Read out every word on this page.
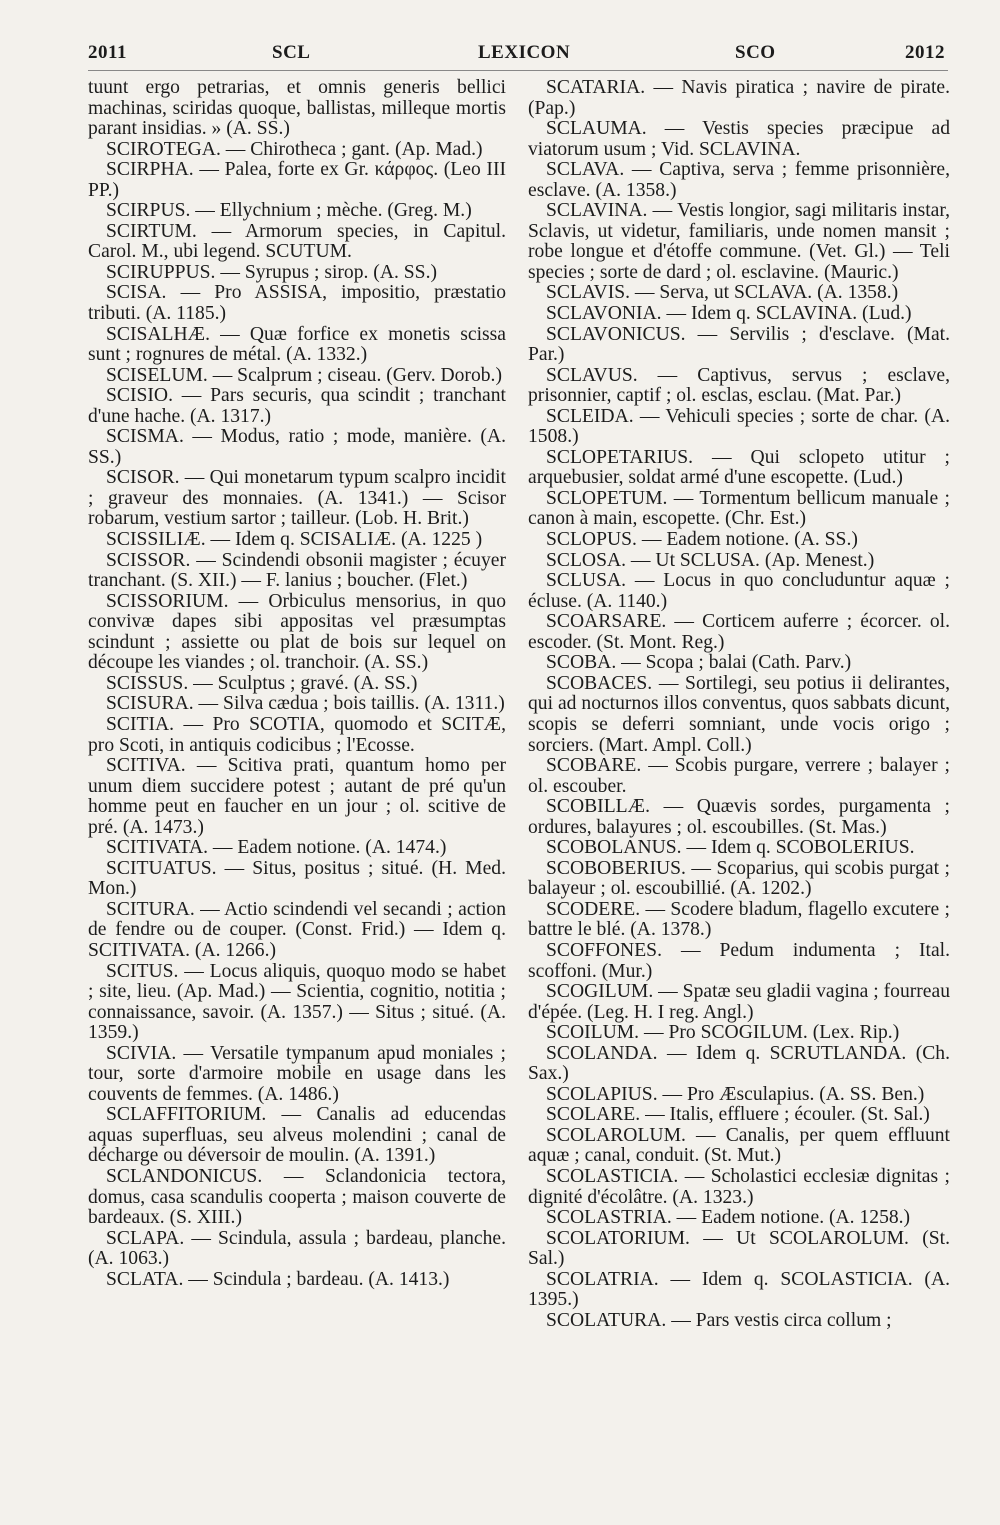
2011	SCL	LEXICON	SCO	2012

tuunt ergo petrarias, et omnis generis bellici machinas, sciridas quoque, ballistas, milleque mortis parant insidias. » (A. SS.)

SCIROTEGA. — Chirotheca ; gant. (Ap. Mad.)

SCIRPHA. — Palea, forte ex Gr. κάρφος. (Leo III PP.)

SCIRPUS. — Ellychnium ; mèche. (Greg. M.)

SCIRTUM. — Armorum species, in Capitul. Carol. M., ubi legend. SCUTUM.

SCIRUPPUS. — Syrupus ; sirop. (A. SS.)

SCISA. — Pro ASSISA, impositio, præstatio tributi. (A. 1185.)

SCISALHÆ. — Quæ forfice ex monetis scissa sunt ; rognures de métal. (A. 1332.)

SCISELUM. — Scalprum ; ciseau. (Gerv. Dorob.)

SCISIO. — Pars securis, qua scindit ; tranchant d'une hache. (A. 1317.)

SCISMA. — Modus, ratio ; mode, manière. (A. SS.)

SCISOR. — Qui monetarum typum scalpro incidit ; graveur des monnaies. (A. 1341.) — Scisor robarum, vestium sartor ; tailleur. (Lob. H. Brit.)

SCISSILIÆ. — Idem q. SCISALIÆ. (A. 1225 )

SCISSOR. — Scindendi obsonii magister ; écuyer tranchant. (S. XII.) — F. lanius ; boucher. (Flet.)

SCISSORIUM. — Orbiculus mensorius, in quo convivæ dapes sibi appositas vel præsumptas scindunt ; assiette ou plat de bois sur lequel on découpe les viandes ; ol. tranchoir. (A. SS.)

SCISSUS. — Sculptus ; gravé. (A. SS.)

SCISURA. — Silva cædua ; bois taillis. (A. 1311.)

SCITIA. — Pro SCOTIA, quomodo et SCITÆ, pro Scoti, in antiquis codicibus ; l'Ecosse.

SCITIVA. — Scitiva prati, quantum homo per unum diem succidere potest ; autant de pré qu'un homme peut en faucher en un jour ; ol. scitive de pré. (A. 1473.)

SCITIVATA. — Eadem notione. (A. 1474.)

SCITUATUS. — Situs, positus ; situé. (H. Med. Mon.)

SCITURA. — Actio scindendi vel secandi ; action de fendre ou de couper. (Const. Frid.) — Idem q. SCITIVATA. (A. 1266.)

SCITUS. — Locus aliquis, quoquo modo se habet ; site, lieu. (Ap. Mad.) — Scientia, cognitio, notitia ; connaissance, savoir. (A. 1357.) — Situs ; situé. (A. 1359.)

SCIVIA. — Versatile tympanum apud moniales ; tour, sorte d'armoire mobile en usage dans les couvents de femmes. (A. 1486.)

SCLAFFITORIUM. — Canalis ad educendas aquas superfluas, seu alveus molendini ; canal de décharge ou déversoir de moulin. (A. 1391.)

SCLANDONICUS. — Sclandonicia tectora, domus, casa scandulis cooperta ; maison couverte de bardeaux. (S. XIII.)

SCLAPA. — Scindula, assula ; bardeau, planche. (A. 1063.)

SCLATA. — Scindula ; bardeau. (A. 1413.)

SCATARIA. — Navis piratica ; navire de pirate. (Pap.)

SCLAUMA. — Vestis species præcipue ad viatorum usum ; Vid. SCLAVINA.

SCLAVA. — Captiva, serva ; femme prisonnière, esclave. (A. 1358.)

SCLAVINA. — Vestis longior, sagi militaris instar, Sclavis, ut videtur, familiaris, unde nomen mansit ; robe longue et d'étoffe commune. (Vet. Gl.) — Teli species ; sorte de dard ; ol. esclavine. (Mauric.)

SCLAVIS. — Serva, ut SCLAVA. (A. 1358.)

SCLAVONIA. — Idem q. SCLAVINA. (Lud.)

SCLAVONICUS. — Servilis ; d'esclave. (Mat. Par.)

SCLAVUS. — Captivus, servus ; esclave, prisonnier, captif ; ol. esclas, esclau. (Mat. Par.)

SCLEIDA. — Vehiculi species ; sorte de char. (A. 1508.)

SCLOPETARIUS. — Qui sclopeto utitur ; arquebusier, soldat armé d'une escopette. (Lud.)

SCLOPETUM. — Tormentum bellicum manuale ; canon à main, escopette. (Chr. Est.)

SCLOPUS. — Eadem notione. (A. SS.)

SCLOSA. — Ut SCLUSA. (Ap. Menest.)

SCLUSA. — Locus in quo concluduntur aquæ ; écluse. (A. 1140.)

SCOARSARE. — Corticem auferre ; écorcer. ol. escoder. (St. Mont. Reg.)

SCOBA. — Scopa ; balai (Cath. Parv.)

SCOBACES. — Sortilegi, seu potius ii delirantes, qui ad nocturnos illos conventus, quos sabbats dicunt, scopis se deferri somniant, unde vocis origo ; sorciers. (Mart. Ampl. Coll.)

SCOBARE. — Scobis purgare, verrere ; balayer ; ol. escouber.

SCOBILLÆ. — Quævis sordes, purgamenta ; ordures, balayures ; ol. escoubilles. (St. Mas.)

SCOBOLANUS. — Idem q. SCOBOLERIUS.

SCOBOBERIUS. — Scoparius, qui scobis purgat ; balayeur ; ol. escoubillié. (A. 1202.)

SCODERE. — Scodere bladum, flagello excutere ; battre le blé. (A. 1378.)

SCOFFONES. — Pedum indumenta ; Ital. scoffoni. (Mur.)

SCOGILUM. — Spatæ seu gladii vagina ; fourreau d'épée. (Leg. H. I reg. Angl.)

SCOILUM. — Pro SCOGILUM. (Lex. Rip.)

SCOLANDA. — Idem q. SCRUTLANDA. (Ch. Sax.)

SCOLAPIUS. — Pro Æsculapius. (A. SS. Ben.)

SCOLARE. — Italis, effluere ; écouler. (St. Sal.)

SCOLAROLUM. — Canalis, per quem effluunt aquæ ; canal, conduit. (St. Mut.)

SCOLASTICIA. — Scholastici ecclesiæ dignitas ; dignité d'écolâtre. (A. 1323.)

SCOLASTRIA. — Eadem notione. (A. 1258.)

SCOLATORIUM. — Ut SCOLAROLUM. (St. Sal.)

SCOLATRIA. — Idem q. SCOLASTICIA. (A. 1395.)

SCOLATURA. — Pars vestis circa collum ;
